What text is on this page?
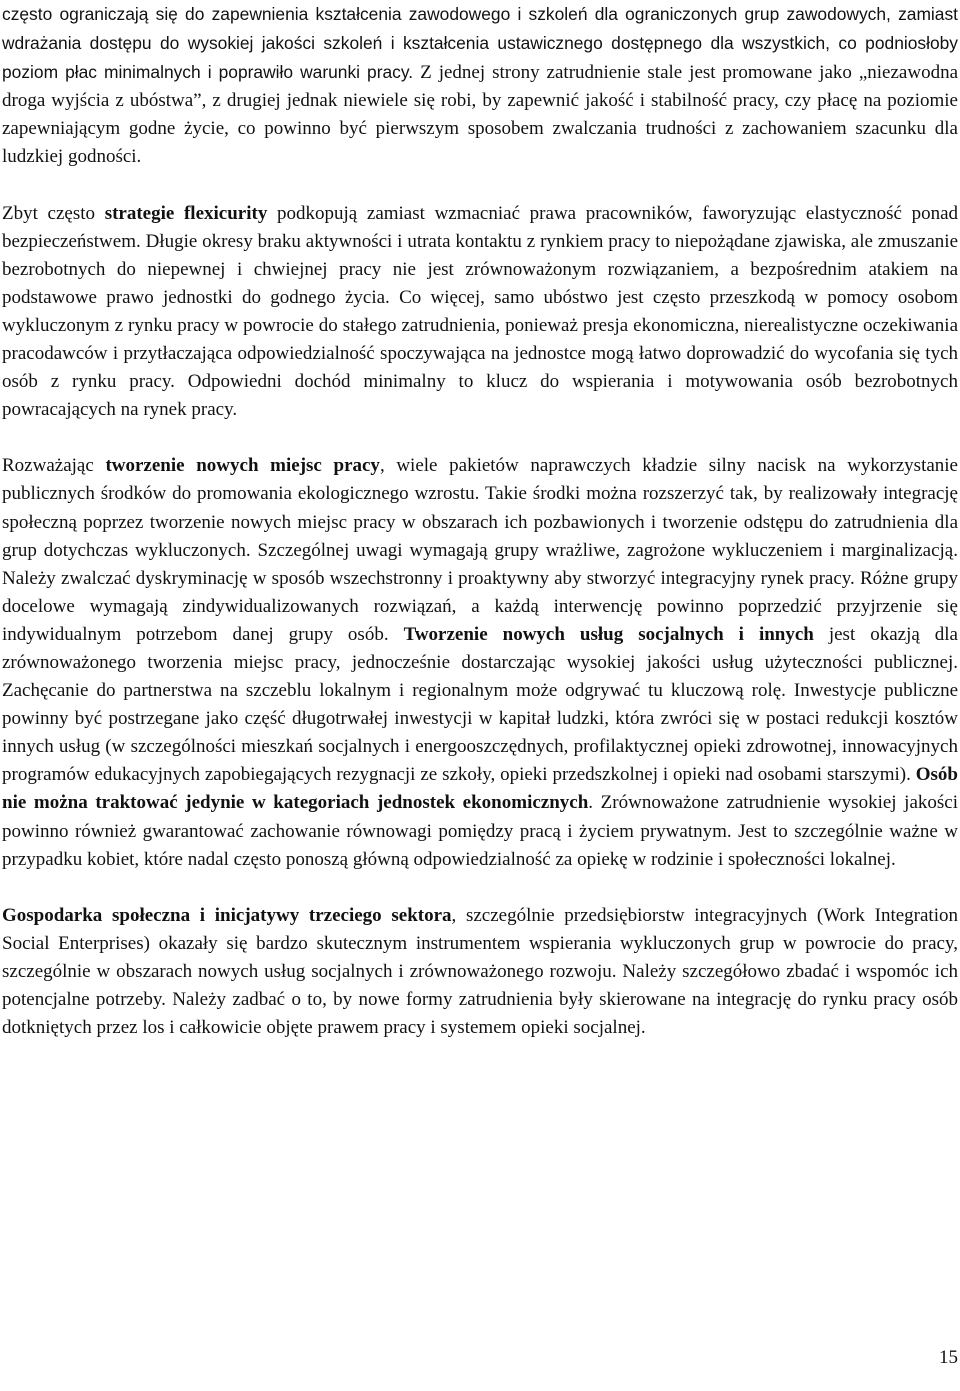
często ograniczają się do zapewnienia kształcenia zawodowego i szkoleń dla ograniczonych grup zawodowych, zamiast wdrażania dostępu do wysokiej jakości szkoleń i kształcenia ustawicznego dostępnego dla wszystkich, co podniosłoby poziom płac minimalnych i poprawiło warunki pracy. Z jednej strony zatrudnienie stale jest promowane jako „niezawodna droga wyjścia z ubóstwa”, z drugiej jednak niewiele się robi, by zapewnić jakość i stabilność pracy, czy płacę na poziomie zapewniającym godne życie, co powinno być pierwszym sposobem zwalczania trudności z zachowaniem szacunku dla ludzkiej godności.

Zbyt często strategie flexicurity podkopują zamiast wzmacniać prawa pracowników, faworyzując elastyczność ponad bezpieczeństwem. Długie okresy braku aktywności i utrata kontaktu z rynkiem pracy to niepożądane zjawiska, ale zmuszanie bezrobotnych do niepewnej i chwiejnej pracy nie jest zrównoważonym rozwiązaniem, a bezpośrednim atakiem na podstawowe prawo jednostki do godnego życia. Co więcej, samo ubóstwo jest często przeszkodą w pomocy osobom wykluczonym z rynku pracy w powrocie do stałego zatrudnienia, ponieważ presja ekonomiczna, nierealistyczne oczekiwania pracodawców i przytłaczająca odpowiedzialność spoczywająca na jednostce mogą łatwo doprowadzić do wycofania się tych osób z rynku pracy. Odpowiedni dochód minimalny to klucz do wspierania i motywowania osób bezrobotnych powracających na rynek pracy.

Rozważając tworzenie nowych miejsc pracy, wiele pakietów naprawczych kładzie silny nacisk na wykorzystanie publicznych środków do promowania ekologicznego wzrostu. Takie środki można rozszerzyć tak, by realizowały integrację społeczną poprzez tworzenie nowych miejsc pracy w obszarach ich pozbawionych i tworzenie odstępu do zatrudnienia dla grup dotychczas wykluczonych. Szczególnej uwagi wymagają grupy wrażliwe, zagrożone wykluczeniem i marginalizacją. Należy zwalczać dyskryminację w sposób wszechstronny i proaktywny aby stworzyć integracyjny rynek pracy. Różne grupy docelowe wymagają zindywidualizowanych rozwiązań, a każdą interwencję powinno poprzedzić przyjrzenie się indywidualnym potrzebom danej grupy osób. Tworzenie nowych usług socjalnych i innych jest okazją dla zrównoważonego tworzenia miejsc pracy, jednocześnie dostarczając wysokiej jakości usług użyteczności publicznej. Zachęcanie do partnerstwa na szczeblu lokalnym i regionalnym może odgrywać tu kluczową rolę. Inwestycje publiczne powinny być postrzegane jako część długotrwałej inwestycji w kapitał ludzki, która zwróci się w postaci redukcji kosztów innych usług (w szczególności mieszkań socjalnych i energooszczędnych, profilaktycznej opieki zdrowotnej, innowacyjnych programów edukacyjnych zapobiegających rezygnacji ze szkoły, opieki przedszkolnej i opieki nad osobami starszymi). Osób nie można traktować jedynie w kategoriach jednostek ekonomicznych. Zrównoważone zatrudnienie wysokiej jakości powinno również gwarantować zachowanie równowagi pomiędzy pracą i życiem prywatnym. Jest to szczególnie ważne w przypadku kobiet, które nadal często ponoszą główną odpowiedzialność za opiekę w rodzinie i społeczności lokalnej.

Gospodarka społeczna i inicjatywy trzeciego sektora, szczególnie przedsiębiorstw integracyjnych (Work Integration Social Enterprises) okazały się bardzo skutecznym instrumentem wspierania wykluczonych grup w powrocie do pracy, szczególnie w obszarach nowych usług socjalnych i zrównoważonego rozwoju. Należy szczegółowo zbadać i wspomóc ich potencjalne potrzeby. Należy zadbać o to, by nowe formy zatrudnienia były skierowane na integrację do rynku pracy osób dotkniętych przez los i całkowicie objęte prawem pracy i systemem opieki socjalnej.

15
